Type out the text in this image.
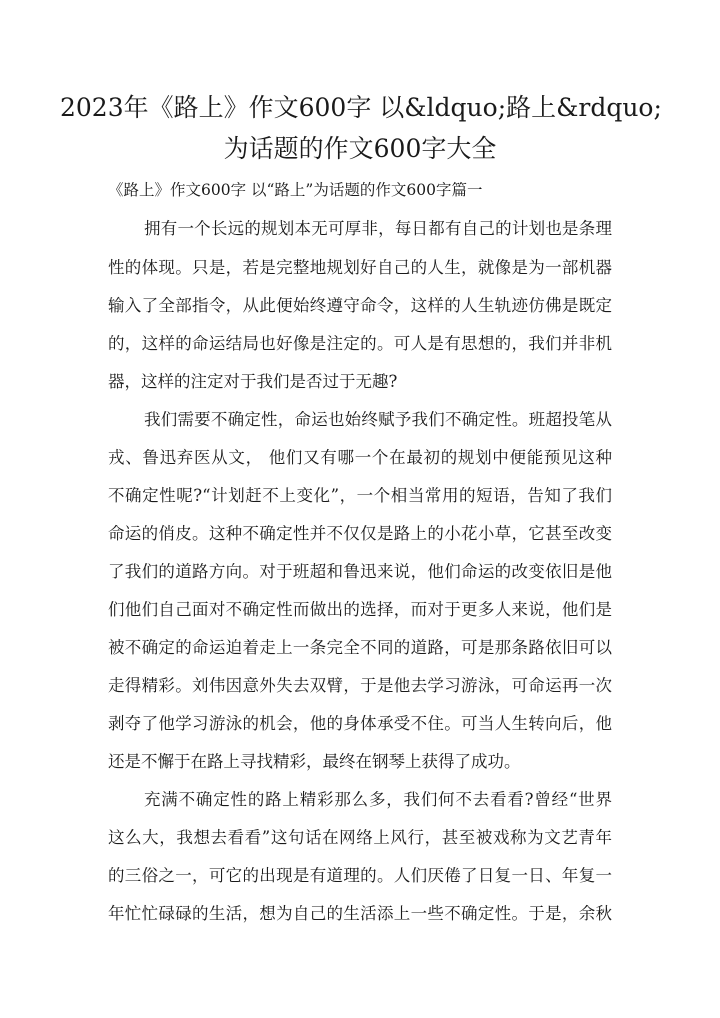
2023年《路上》作文600字 以&ldquo;路上&rdquo;
为话题的作文600字大全
《路上》作文600字 以“路上”为话题的作文600字篇一
拥有一个长远的规划本无可厚非，每日都有自己的计划也是条理
性的体现。只是，若是完整地规划好自己的人生，就像是为一部机器
输入了全部指令，从此便始终遵守命令，这样的人生轨迹仿佛是既定
的，这样的命运结局也好像是注定的。可人是有思想的，我们并非机
器，这样的注定对于我们是否过于无趣?
我们需要不确定性，命运也始终赋予我们不确定性。班超投笔从
戎、鲁迅弃医从文， 他们又有哪一个在最初的规划中便能预见这种
不确定性呢?“计划赶不上变化”，一个相当常用的短语，告知了我们
命运的俏皮。这种不确定性并不仅仅是路上的小花小草，它甚至改变
了我们的道路方向。对于班超和鲁迅来说，他们命运的改变依旧是他
们他们自己面对不确定性而做出的选择，而对于更多人来说，他们是
被不确定的命运迫着走上一条完全不同的道路，可是那条路依旧可以
走得精彩。刘伟因意外失去双臂，于是他去学习游泳，可命运再一次
剥夺了他学习游泳的机会，他的身体承受不住。可当人生转向后，他
还是不懈于在路上寻找精彩，最终在钢琴上获得了成功。
充满不确定性的路上精彩那么多，我们何不去看看?曾经“世界
这么大，我想去看看”这句话在网络上风行，甚至被戏称为文艺青年
的三俗之一，可它的出现是有道理的。人们厌倦了日复一日、年复一
年忙忙碌碌的生活，想为自己的生活添上一些不确定性。于是，余秋
